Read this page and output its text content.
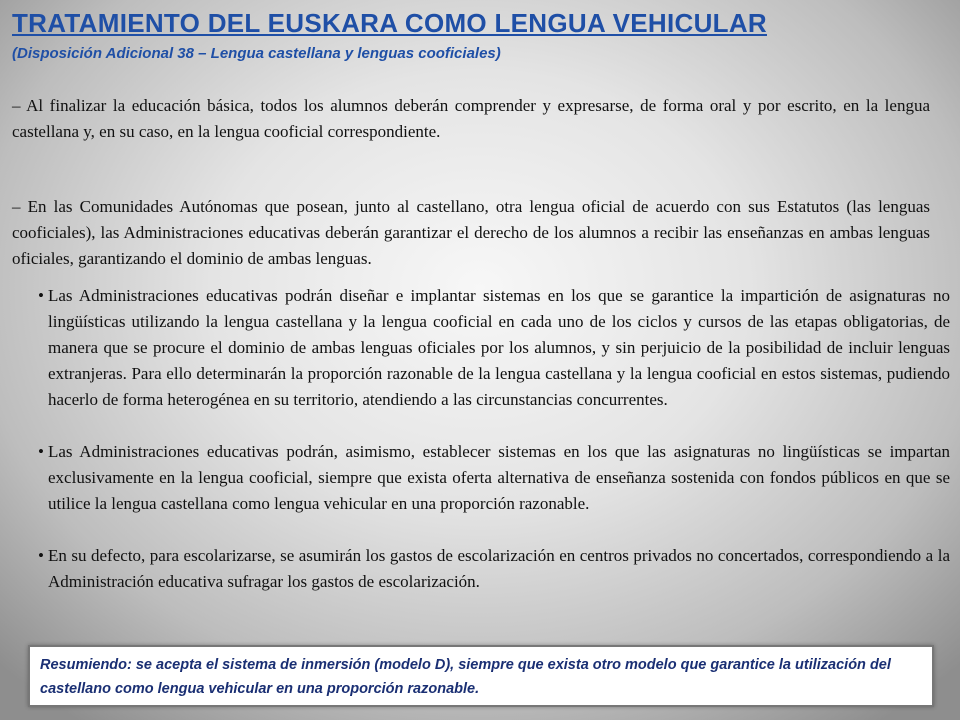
TRATAMIENTO DEL EUSKARA COMO LENGUA VEHICULAR
(Disposición Adicional 38 – Lengua castellana y lenguas cooficiales)
– Al finalizar la educación básica, todos los alumnos deberán comprender y expresarse, de forma oral y por escrito, en la lengua castellana y, en su caso, en la lengua cooficial correspondiente.
– En las Comunidades Autónomas que posean, junto al castellano, otra lengua oficial de acuerdo con sus Estatutos (las lenguas cooficiales), las Administraciones educativas deberán garantizar el derecho de los alumnos a recibir las enseñanzas en ambas lenguas oficiales, garantizando el dominio de ambas lenguas.
• Las Administraciones educativas podrán diseñar e implantar sistemas en los que se garantice la impartición de asignaturas no lingüísticas utilizando la lengua castellana y la lengua cooficial en cada uno de los ciclos y cursos de las etapas obligatorias, de manera que se procure el dominio de ambas lenguas oficiales por los alumnos, y sin perjuicio de la posibilidad de incluir lenguas extranjeras. Para ello determinarán la proporción razonable de la lengua castellana y la lengua cooficial en estos sistemas, pudiendo hacerlo de forma heterogénea en su territorio, atendiendo a las circunstancias concurrentes.
• Las Administraciones educativas podrán, asimismo, establecer sistemas en los que las asignaturas no lingüísticas se impartan exclusivamente en la lengua cooficial, siempre que exista oferta alternativa de enseñanza sostenida con fondos públicos en que se utilice la lengua castellana como lengua vehicular en una proporción razonable.
• En su defecto, para escolarizarse, se asumirán los gastos de escolarización en centros privados no concertados, correspondiendo a la Administración educativa sufragar los gastos de escolarización.
Resumiendo: se acepta el sistema de inmersión (modelo D), siempre que exista otro modelo que garantice la utilización del castellano como lengua vehicular en una proporción razonable.
